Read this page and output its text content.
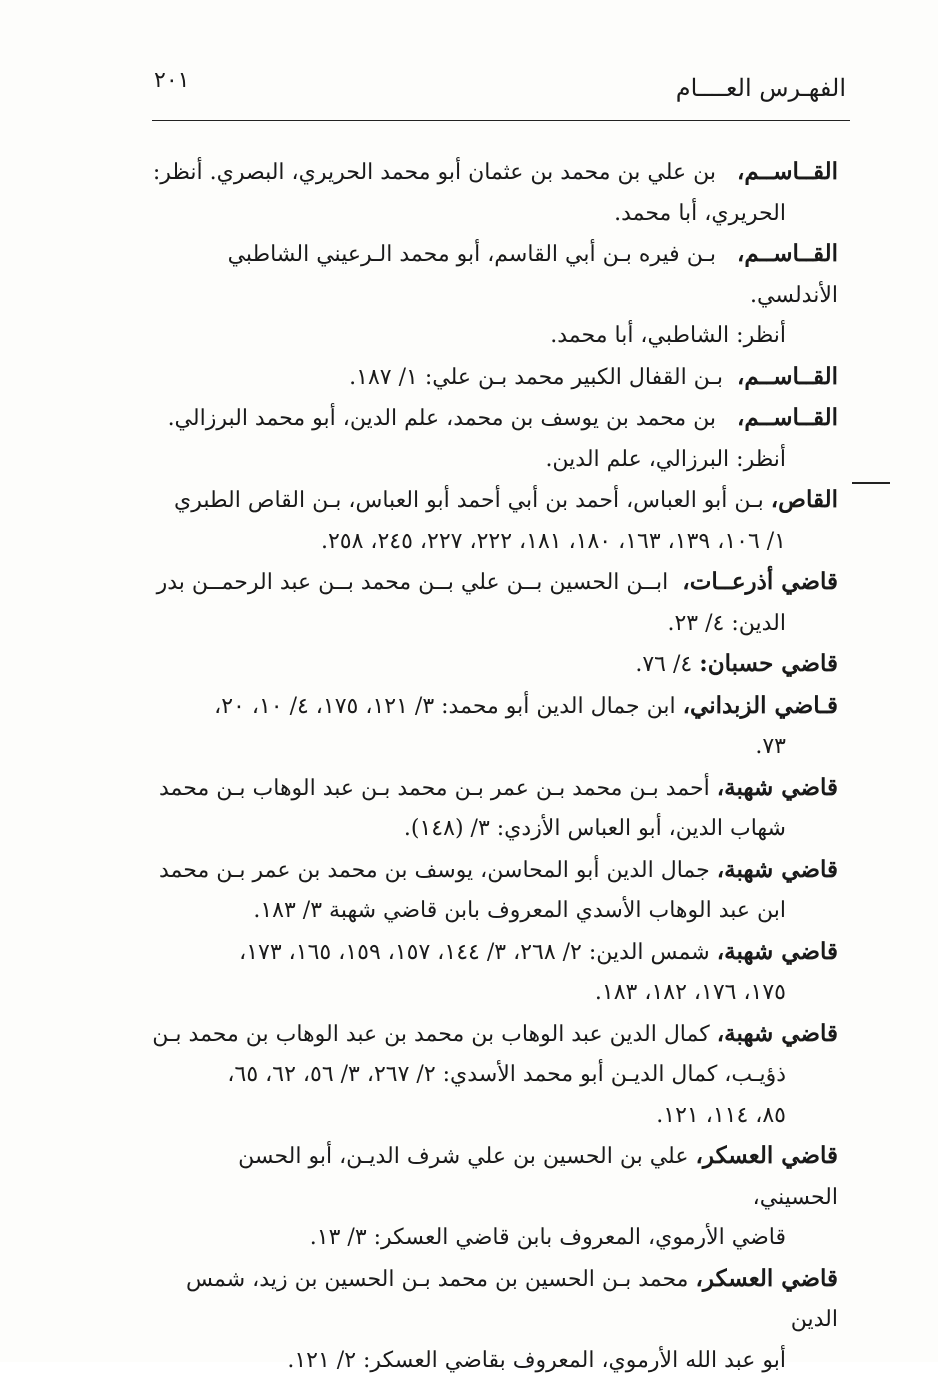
الفهـرس العــــام
٢٠١

القــاســم،   بن علي بن محمد بن عثمان أبو محمد الحريري، البصري. أنظر:
الحريري، أبا محمد.

القــاســم،   بـن فيره بـن أبي القاسم، أبو محمد الـرعيني الشاطبي الأندلسي.
أنظر: الشاطبي، أبا محمد.

القــاســم،  بـن القفال الكبير محمد بـن علي: ١/ ١٨٧.

القــاســم،   بن محمد بن يوسف بن محمد، علم الدين، أبو محمد البرزالي.
أنظر: البرزالي، علم الدين.

القاص، بـن أبو العباس، أحمد بن أبي أحمد أبو العباس، بـن القاص الطبري
١/ ١٠٦، ١٣٩، ١٦٣، ١٨٠، ١٨١، ٢٢٢، ٢٢٧، ٢٤٥، ٢٥٨.

قاضي أذرعــات،  ابــن الحسين بــن علي بــن محمد بــن عبد الرحمــن بدر
الدين: ٤/ ٢٣.

قاضي حسبان: ٤/ ٧٦.

قـاضي الزبداني، ابن جمال الدين أبو محمد: ٣/ ١٢١، ١٧٥، ٤/ ١٠، ٢٠،
٧٣.

قاضي شهبة، أحمد بـن محمد بـن عمر بـن محمد بـن عبد الوهاب بـن محمد
شهاب الدين، أبو العباس الأزدي: ٣/ (١٤٨).

قاضي شهبة، جمال الدين أبو المحاسن، يوسف بن محمد بن عمر بـن محمد
ابن عبد الوهاب الأسدي المعروف بابن قاضي شهبة ٣/ ١٨٣.

قاضي شهبة، شمس الدين: ٢/ ٢٦٨، ٣/ ١٤٤، ١٥٧، ١٥٩، ١٦٥، ١٧٣،
١٧٥، ١٧٦، ١٨٢، ١٨٣.

قاضي شهبة، كمال الدين عبد الوهاب بن محمد بن عبد الوهاب بن محمد بـن
ذؤيـب، كمال الديـن أبو محمد الأسدي: ٢/ ٢٦٧، ٣/ ٥٦، ٦٢، ٦٥،
٨٥، ١١٤، ١٢١.

قاضي العسكر، علي بن الحسين بن علي شرف الديـن، أبو الحسن الحسيني،
قاضي الأرموي، المعروف بابن قاضي العسكر: ٣/ ١٣.

قاضي العسكر، محمد بـن الحسين بن محمد بـن الحسين بن زيد، شمس الدين
أبو عبد الله الأرموي، المعروف بقاضي العسكر: ٢/ ١٢١.
